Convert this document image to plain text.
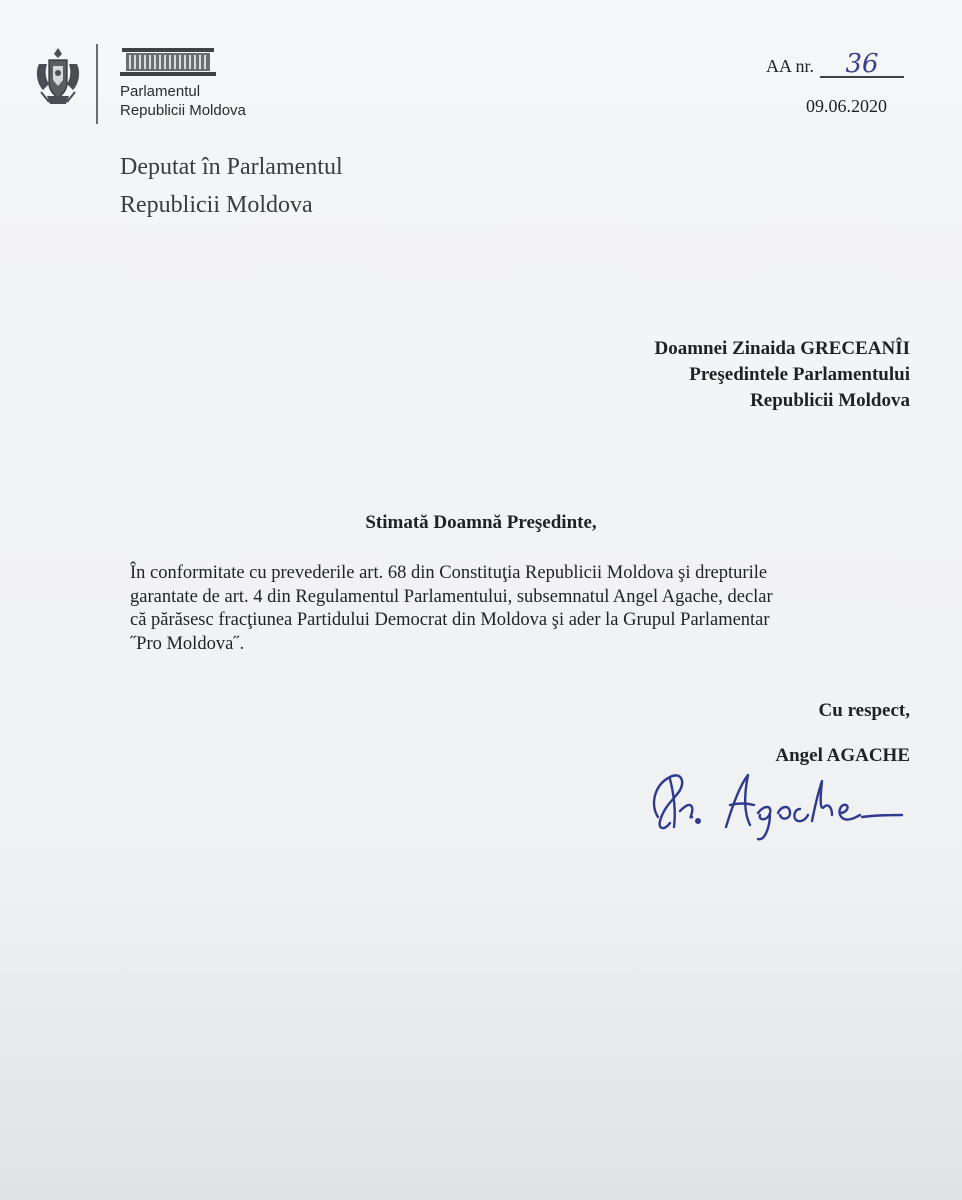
Parlamentul
Republicii Moldova
AA nr. 36
09.06.2020
Deputat în Parlamentul
Republicii Moldova
Doamnei Zinaida GRECEANÎI
Preşedintele Parlamentului
Republicii Moldova
Stimată Doamnă Preşedinte,
În conformitate cu prevederile art. 68 din Constituţia Republicii Moldova şi drepturile
garantate de art. 4 din Regulamentul Parlamentului, subsemnatul Angel Agache, declar
că părăsesc fracţiunea Partidului Democrat din Moldova şi ader la Grupul Parlamentar
˝Pro Moldova˝.
Cu respect,
Angel AGACHE
